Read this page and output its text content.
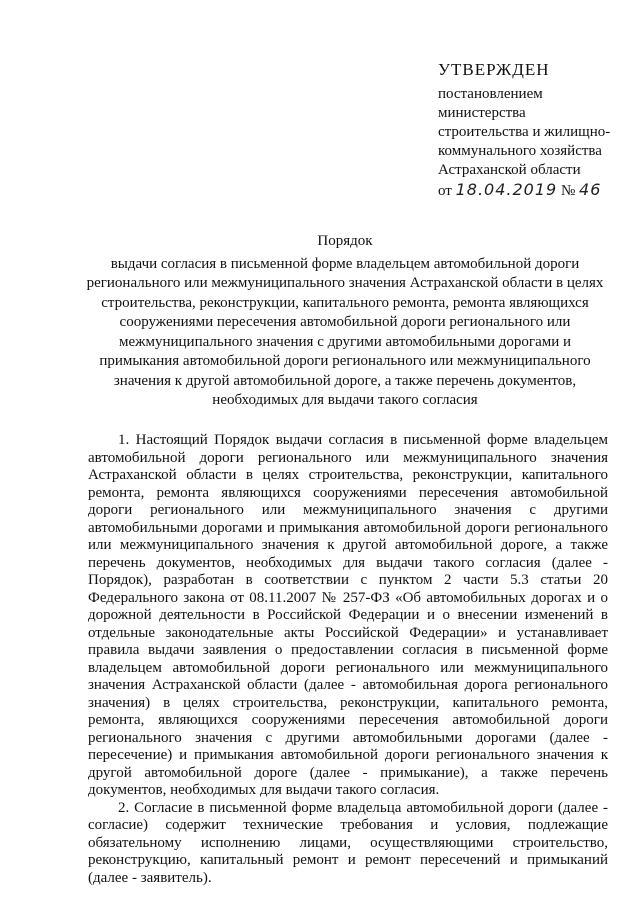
УТВЕРЖДЕН
постановлением
министерства
строительства и жилищно-
коммунального хозяйства
Астраханской области
от 18.04.2019 № 46
Порядок
выдачи согласия в письменной форме владельцем автомобильной дороги регионального или межмуниципального значения Астраханской области в целях строительства, реконструкции, капитального ремонта, ремонта являющихся сооружениями пересечения автомобильной дороги регионального или межмуниципального значения с другими автомобильными дорогами и примыкания автомобильной дороги регионального или межмуниципального значения к другой автомобильной дороге, а также перечень документов, необходимых для выдачи такого согласия

1. Настоящий Порядок выдачи согласия в письменной форме владельцем автомобильной дороги регионального или межмуниципального значения Астраханской области в целях строительства, реконструкции, капитального ремонта, ремонта являющихся сооружениями пересечения автомобильной дороги регионального или межмуниципального значения с другими автомобильными дорогами и примыкания автомобильной дороги регионального или межмуниципального значения к другой автомобильной дороге, а также перечень документов, необходимых для выдачи такого согласия (далее - Порядок), разработан в соответствии с пунктом 2 части 5.3 статьи 20 Федерального закона от 08.11.2007 № 257-ФЗ «Об автомобильных дорогах и о дорожной деятельности в Российской Федерации и о внесении изменений в отдельные законодательные акты Российской Федерации» и устанавливает правила выдачи заявления о предоставлении согласия в письменной форме владельцем автомобильной дороги регионального или межмуниципального значения Астраханской области (далее - автомобильная дорога регионального значения) в целях строительства, реконструкции, капитального ремонта, ремонта, являющихся сооружениями пересечения автомобильной дороги регионального значения с другими автомобильными дорогами (далее - пересечение) и примыкания автомобильной дороги регионального значения к другой автомобильной дороге (далее - примыкание), а также перечень документов, необходимых для выдачи такого согласия.

2. Согласие в письменной форме владельца автомобильной дороги (далее - согласие) содержит технические требования и условия, подлежащие обязательному исполнению лицами, осуществляющими строительство, реконструкцию, капитальный ремонт и ремонт пересечений и примыканий (далее - заявитель).
